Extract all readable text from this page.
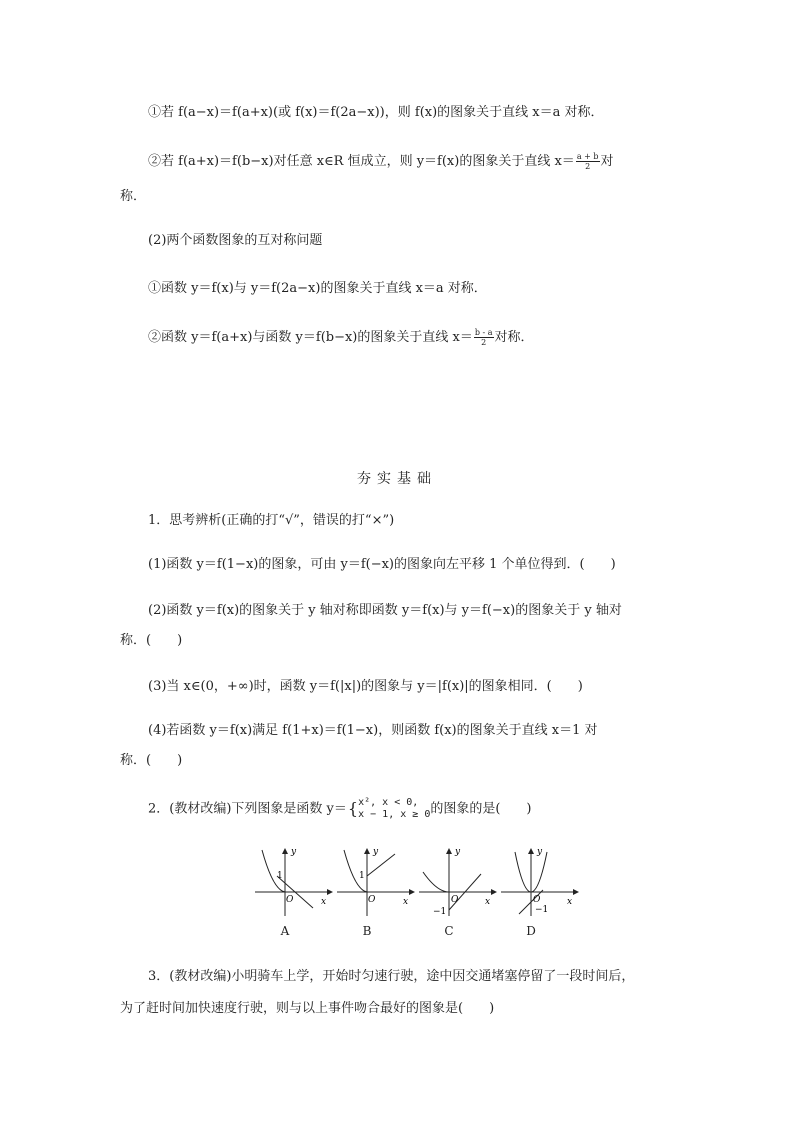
①若 f(a−x)＝f(a+x)(或 f(x)＝f(2a−x))，则 f(x)的图象关于直线 x＝a 对称．
②若 f(a+x)＝f(b−x)对任意 x∈R 恒成立，则 y＝f(x)的图象关于直线 $x= \frac{a + b}{2}$ 对
称．
(2)两个函数图象的互对称问题
①函数 y＝f(x)与 y＝f(2a−x)的图象关于直线 x＝a 对称．
②函数 y＝f(a+x)与函数 y＝f(b−x)的图象关于直线 $x= \frac{b - a}{2}$ 对称．
夯实基础
1．思考辨析(正确的打“√”，错误的打“×”)
(1)函数 y＝f(1−x)的图象，可由 y＝f(−x)的图象向左平移 1 个单位得到．(　　)
(2)函数 y＝f(x)的图象关于 y 轴对称即函数 y＝f(x)与 y＝f(−x)的图象关于 y 轴对
称．(　　)
(3)当 x∈(0，+∞)时，函数 y＝f(|x|)的图象与 y＝|f(x)|的图象相同．(　　)
(4)若函数 y＝f(x)满足 f(1+x)＝f(1−x)，则函数 f(x)的图象关于直线 x＝1 对
称．(　　)
2．(教材改编)下列图象是函数 y＝{ x², x < 0,
x − 1, x ≥ 0 的图象的是(　　)
y
x
O
1
A
y
x
O
1
B
y
x
O
−1
C
y
x
O
−1
D
3．(教材改编)小明骑车上学，开始时匀速行驶，途中因交通堵塞停留了一段时间后，
为了赶时间加快速度行驶，则与以上事件吻合最好的图象是(　　)
